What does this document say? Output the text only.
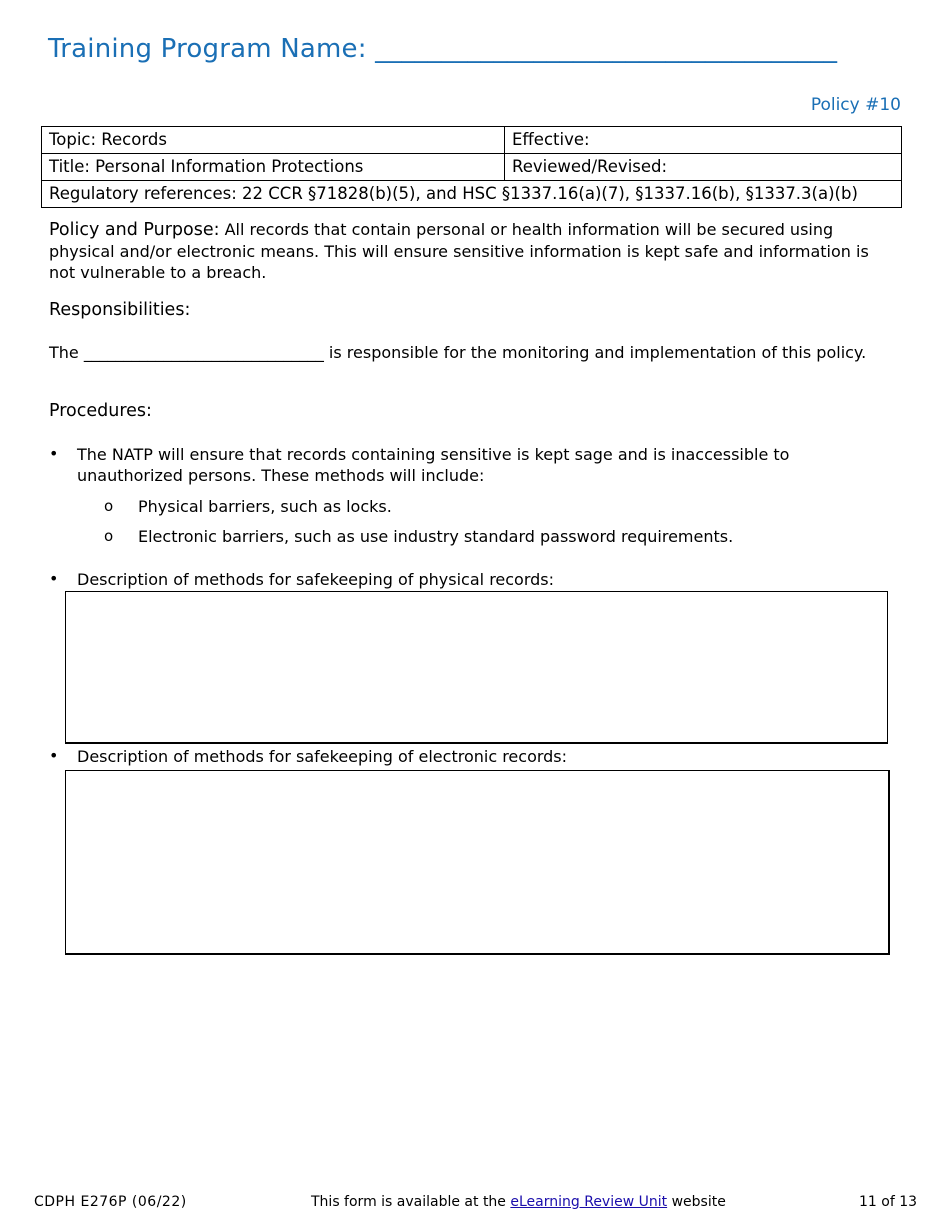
Training Program Name: ___________________________________
Policy #10
Topic: Records	Effective:
Title: Personal Information Protections	Reviewed/Revised:
Regulatory references: 22 CCR §71828(b)(5), and HSC §1337.16(a)(7), §1337.16(b), §1337.3(a)(b)	
Policy and Purpose: All records that contain personal or health information will be secured using physical and/or electronic means. This will ensure sensitive information is kept safe and information is not vulnerable to a breach.
Responsibilities:
The ______________________________ is responsible for the monitoring and implementation of this policy.
Procedures:
• The NATP will ensure that records containing sensitive is kept sage and is inaccessible to unauthorized persons. These methods will include:
o Physical barriers, such as locks.
o Electronic barriers, such as use industry standard password requirements.
• Description of methods for safekeeping of physical records:
• Description of methods for safekeeping of electronic records:
CDPH E276P (06/22)	This form is available at the eLearning Review Unit website	11 of 13
